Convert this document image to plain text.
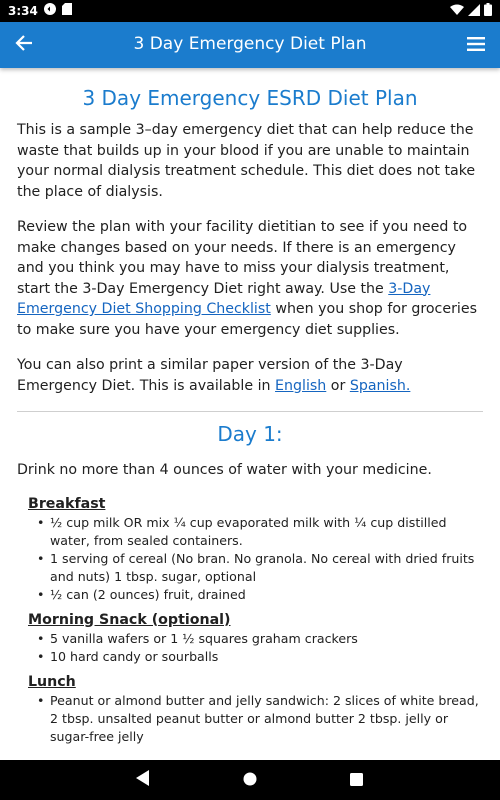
3:34
3 Day Emergency Diet Plan
3 Day Emergency ESRD Diet Plan

This is a sample 3–day emergency diet that can help reduce the waste that builds up in your blood if you are unable to maintain your normal dialysis treatment schedule. This diet does not take the place of dialysis.

Review the plan with your facility dietitian to see if you need to make changes based on your needs. If there is an emergency and you think you may have to miss your dialysis treatment, start the 3-Day Emergency Diet right away. Use the 3-Day Emergency Diet Shopping Checklist when you shop for groceries to make sure you have your emergency diet supplies.

You can also print a similar paper version of the 3-Day Emergency Diet. This is available in English or Spanish.

Day 1:

Drink no more than 4 ounces of water with your medicine.

Breakfast
• ½ cup milk OR mix ¼ cup evaporated milk with ¼ cup distilled water, from sealed containers.
• 1 serving of cereal (No bran. No granola. No cereal with dried fruits and nuts) 1 tbsp. sugar, optional
• ½ can (2 ounces) fruit, drained
Morning Snack (optional)
• 5 vanilla wafers or 1 ½ squares graham crackers
• 10 hard candy or sourballs
Lunch
• Peanut or almond butter and jelly sandwich: 2 slices of white bread, 2 tbsp. unsalted peanut butter or almond butter 2 tbsp. jelly or sugar-free jelly
